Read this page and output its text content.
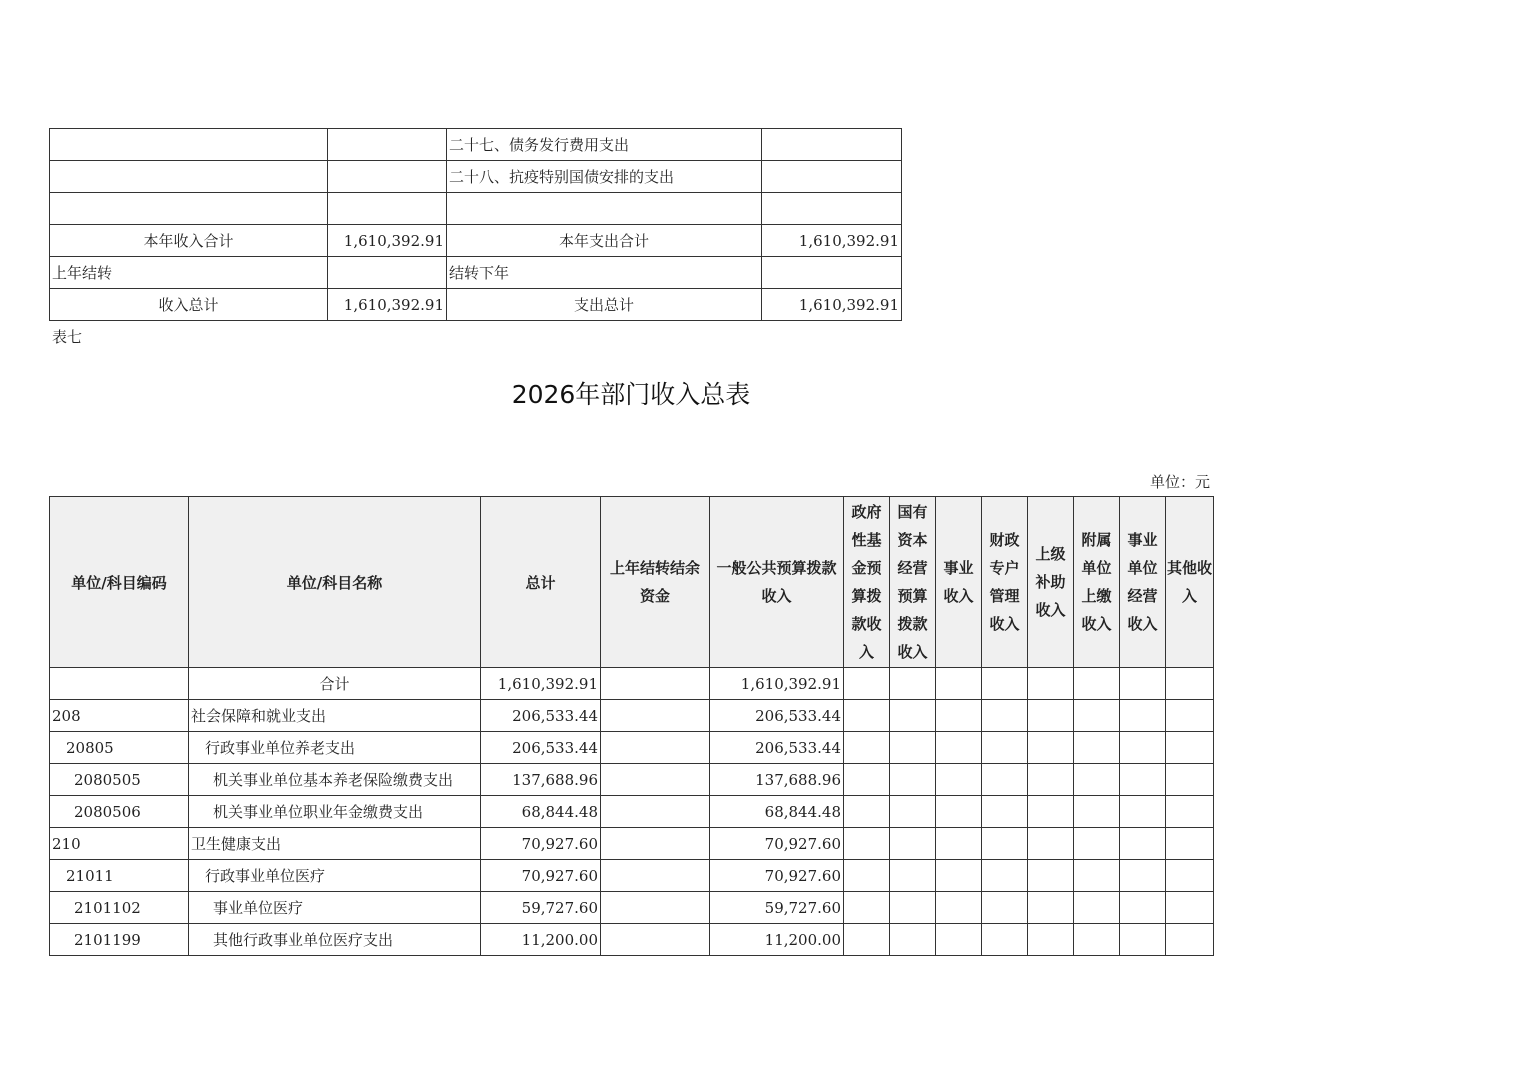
		二十七、债务发行费用支出	
		二十八、抗疫特别国债安排的支出	

本年收入合计	1,610,392.91	本年支出合计	1,610,392.91
上年结转		结转下年	
收入总计	1,610,392.91	支出总计	1,610,392.91
表七
2026年部门收入总表
单位：元
单位/科目编码	单位/科目名称	总计	上年结转结余资金	一般公共预算拨款收入	政府性基金预算拨款收入	国有资本经营预算拨款收入	事业收入	财政专户管理收入	上级补助收入	附属单位上缴收入	事业单位经营收入	其他收入
	合计	1,610,392.91		1,610,392.91								
208	社会保障和就业支出	206,533.44		206,533.44								
20805	行政事业单位养老支出	206,533.44		206,533.44								
2080505	机关事业单位基本养老保险缴费支出	137,688.96		137,688.96								
2080506	机关事业单位职业年金缴费支出	68,844.48		68,844.48								
210	卫生健康支出	70,927.60		70,927.60								
21011	行政事业单位医疗	70,927.60		70,927.60								
2101102	事业单位医疗	59,727.60		59,727.60								
2101199	其他行政事业单位医疗支出	11,200.00		11,200.00								
